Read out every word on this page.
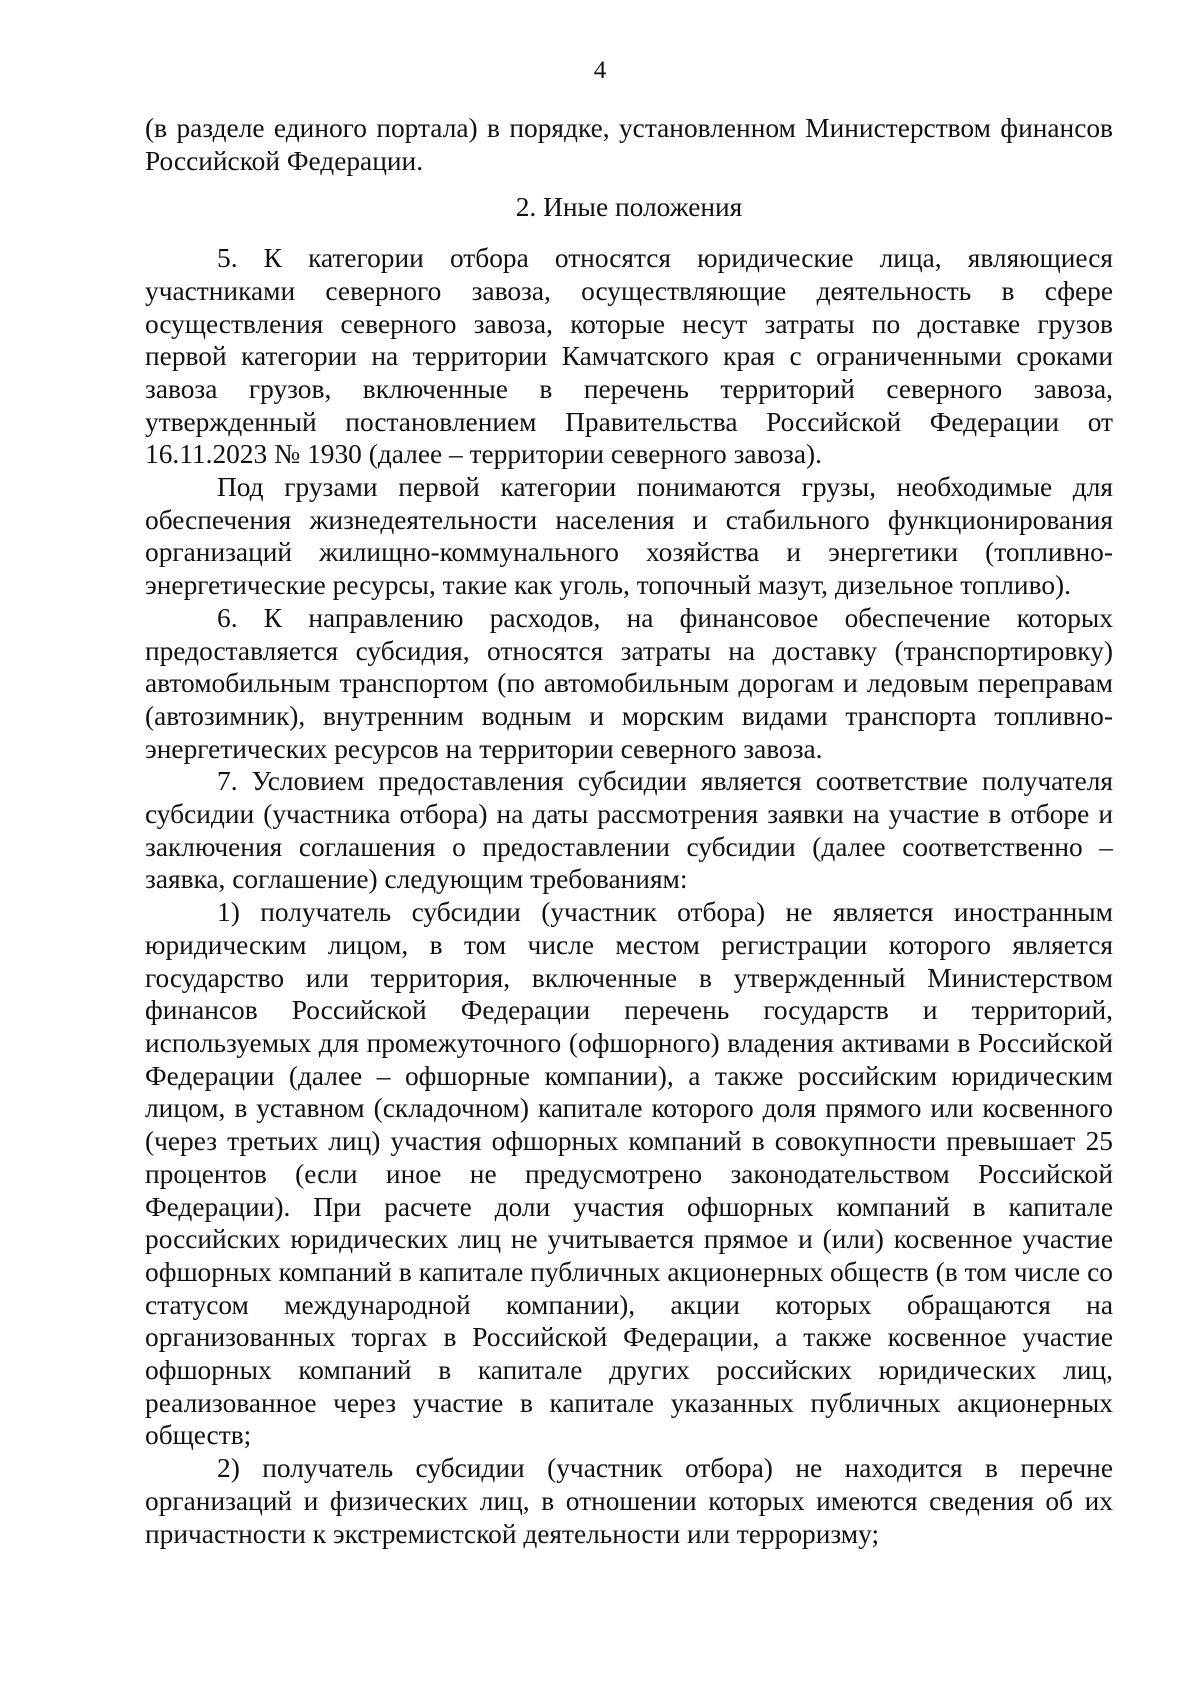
4

(в разделе единого портала) в порядке, установленном Министерством финансов Российской Федерации.

2. Иные положения

5. К категории отбора относятся юридические лица, являющиеся участниками северного завоза, осуществляющие деятельность в сфере осуществления северного завоза, которые несут затраты по доставке грузов первой категории на территории Камчатского края с ограниченными сроками завоза грузов, включенные в перечень территорий северного завоза, утвержденный постановлением Правительства Российской Федерации от 16.11.2023 № 1930 (далее – территории северного завоза).

Под грузами первой категории понимаются грузы, необходимые для обеспечения жизнедеятельности населения и стабильного функционирования организаций жилищно-коммунального хозяйства и энергетики (топливно-энергетические ресурсы, такие как уголь, топочный мазут, дизельное топливо).

6. К направлению расходов, на финансовое обеспечение которых предоставляется субсидия, относятся затраты на доставку (транспортировку) автомобильным транспортом (по автомобильным дорогам и ледовым переправам (автозимник), внутренним водным и морским видами транспорта топливно-энергетических ресурсов на территории северного завоза.

7. Условием предоставления субсидии является соответствие получателя субсидии (участника отбора) на даты рассмотрения заявки на участие в отборе и заключения соглашения о предоставлении субсидии (далее соответственно – заявка, соглашение) следующим требованиям:

1) получатель субсидии (участник отбора) не является иностранным юридическим лицом, в том числе местом регистрации которого является государство или территория, включенные в утвержденный Министерством финансов Российской Федерации перечень государств и территорий, используемых для промежуточного (офшорного) владения активами в Российской Федерации (далее – офшорные компании), а также российским юридическим лицом, в уставном (складочном) капитале которого доля прямого или косвенного (через третьих лиц) участия офшорных компаний в совокупности превышает 25 процентов (если иное не предусмотрено законодательством Российской Федерации). При расчете доли участия офшорных компаний в капитале российских юридических лиц не учитывается прямое и (или) косвенное участие офшорных компаний в капитале публичных акционерных обществ (в том числе со статусом международной компании), акции которых обращаются на организованных торгах в Российской Федерации, а также косвенное участие офшорных компаний в капитале других российских юридических лиц, реализованное через участие в капитале указанных публичных акционерных обществ;

2) получатель субсидии (участник отбора) не находится в перечне организаций и физических лиц, в отношении которых имеются сведения об их причастности к экстремистской деятельности или терроризму;
